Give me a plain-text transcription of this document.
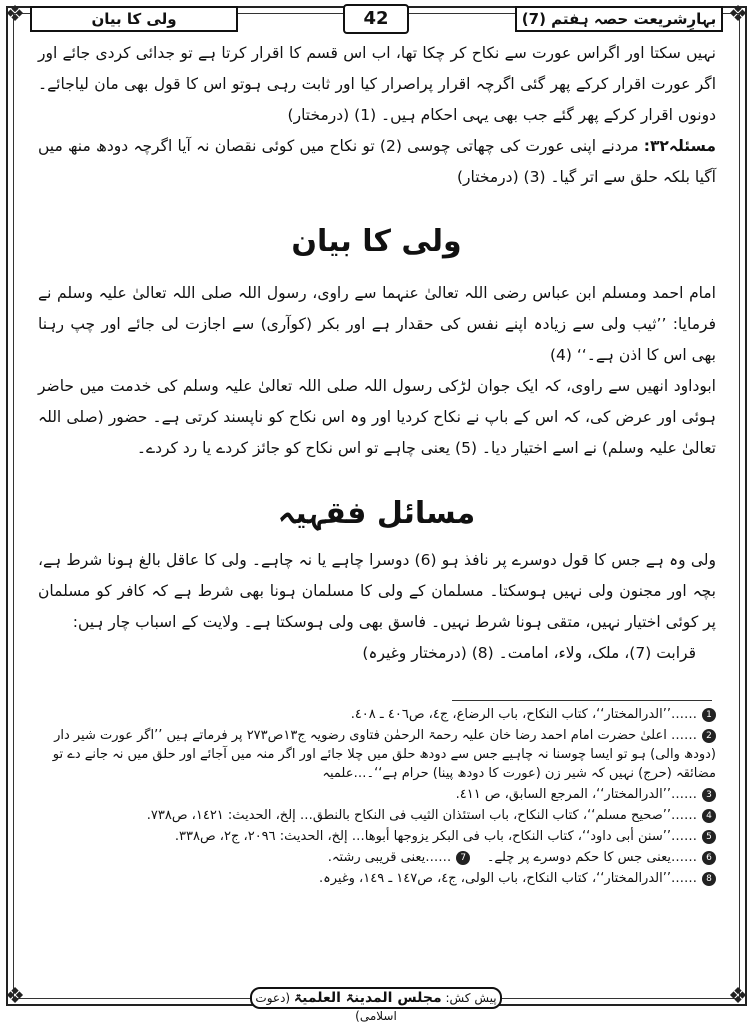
❖	❖
❖	❖
بہارِشریعت حصہ ہفتم (7)
42
ولی کا بیان

نہیں سکتا اور اگراس عورت سے نکاح کر چکا تھا، اب اس قسم کا اقرار کرتا ہے تو جدائی کردی جائے اور اگر عورت اقرار کرکے پھر گئی اگرچہ اقرار پراصرار کیا اور ثابت رہی ہوتو اس کا قول بھی مان لیاجائے۔ دونوں اقرار کرکے پھر گئے جب بھی یہی احکام ہیں۔ (1) (درمختار)

مسئلہ۳۲: مردنے اپنی عورت کی چھاتی چوسی (2) تو نکاح میں کوئی نقصان نہ آیا اگرچہ دودھ منھ میں آگیا بلکہ حلق سے اتر گیا۔ (3) (درمختار)

ولی کا بیان

امام احمد ومسلم ابن عباس رضی اللہ تعالیٰ عنہما سے راوی، رسول اللہ صلی اللہ تعالیٰ علیہ وسلم نے فرمایا: ’’ثیب ولی سے زیادہ اپنے نفس کی حقدار ہے اور بکر (کوآری) سے اجازت لی جائے اور چپ رہنا بھی اس کا اذن ہے۔‘‘ (4)

ابوداود انھیں سے راوی، کہ ایک جوان لڑکی رسول اللہ صلی اللہ تعالیٰ علیہ وسلم کی خدمت میں حاضر ہوئی اور عرض کی، کہ اس کے باپ نے نکاح کردیا اور وہ اس نکاح کو ناپسند کرتی ہے۔ حضور (صلی اللہ تعالیٰ علیہ وسلم) نے اسے اختیار دیا۔ (5) یعنی چاہے تو اس نکاح کو جائز کردے یا رد کردے۔

مسائل فقہیہ

ولی وہ ہے جس کا قول دوسرے پر نافذ ہو (6) دوسرا چاہے یا نہ چاہے۔ ولی کا عاقل بالغ ہونا شرط ہے، بچہ اور مجنون ولی نہیں ہوسکتا۔ مسلمان کے ولی کا مسلمان ہونا بھی شرط ہے کہ کافر کو مسلمان پر کوئی اختیار نہیں، متقی ہونا شرط نہیں۔ فاسق بھی ولی ہوسکتا ہے۔ ولایت کے اسباب چار ہیں:

قرابت (7)، ملک، ولاء، امامت۔ (8) (درمختار وغیرہ)

1……’’الدرالمختار‘‘، کتاب النکاح، باب الرضاع، ج٤، ص٤٠٦ ـ ٤٠٨.

2…… اعلیٰ حضرت امام احمد رضا خان علیہ رحمۃ الرحمٰن فتاوی رضویہ ج۱۳ص۲۷۳ پر فرماتے ہیں ’’اگر عورت شیر دار (دودھ والی) ہو تو ایسا چوسنا نہ چاہیے جس سے دودھ حلق میں چلا جائے اور اگر منہ میں آجائے اور حلق میں نہ جانے دے تو مضائقہ (حرج) نہیں کہ شیر زن (عورت کا دودھ پینا) حرام ہے‘‘۔…علمیہ

3……’’الدرالمختار‘‘، المرجع السابق، ص ٤١١.

4……’’صحیح مسلم‘‘، کتاب النکاح، باب استئذان الثیب فی النکاح بالنطق… إلخ، الحدیث: ١٤٢١، ص٧٣٨.

5……’’سنن أبی داود‘‘، کتاب النکاح، باب فی البکر یزوجھا أبوھا… إلخ، الحدیث: ٢٠٩٦، ج٢، ص٣٣٨.

6……یعنی جس کا حکم دوسرے پر چلے۔    7……یعنی قریبی رشتہ.

8……’’الدرالمختار‘‘، کتاب النکاح، باب الولی، ج٤، ص١٤٧ ـ ١٤٩، وغیرہ.

پیش کش: مجلس المدینۃ العلمیۃ (دعوت اسلامی)
